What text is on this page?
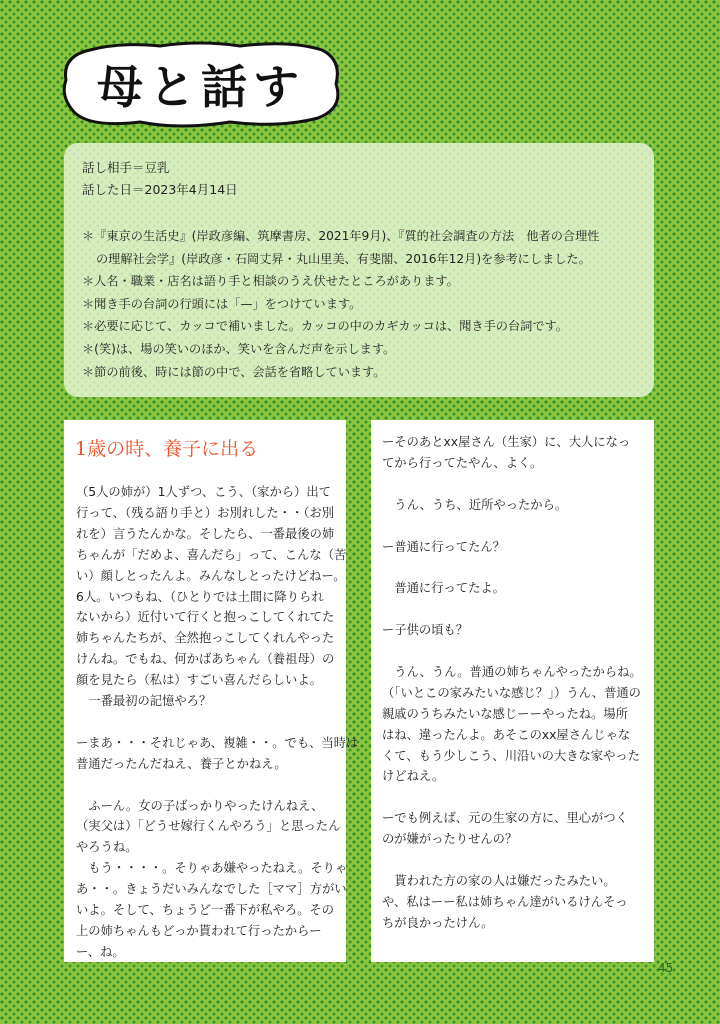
母と話す
話し相手＝豆乳
話した日＝2023年4月14日
＊『東京の生活史』(岸政彦編、筑摩書房、2021年9月)、『質的社会調査の方法　他者の合理性
の理解社会学』(岸政彦・石岡丈昇・丸山里美、有斐閣、2016年12月)を参考にしました。
＊人名・職業・店名は語り手と相談のうえ伏せたところがあります。
＊聞き手の台詞の行頭には「—」をつけています。
＊必要に応じて、カッコで補いました。カッコの中のカギカッコは、聞き手の台詞です。
＊(笑)は、場の笑いのほか、笑いを含んだ声を示します。
＊節の前後、時には節の中で、会話を省略しています。
1歳の時、養子に出る
（5人の姉が）1人ずつ、こう、（家から）出て
行って、（残る語り手と）お別れした・・（お別
れを）言うたんかな。そしたら、一番最後の姉
ちゃんが「だめよ、喜んだら」って、こんな（苦
い）顔しとったんよ。みんなしとったけどねー。
6人。いつもね、（ひとりでは土間に降りられ
ないから）近付いて行くと抱っこしてくれてた
姉ちゃんたちが、全然抱っこしてくれんやった
けんね。でもね、何かばあちゃん（養祖母）の
顔を見たら（私は）すごい喜んだらしいよ。
　一番最初の記憶やろ？
ーまあ・・・それじゃあ、複雑・・。でも、当時は
普通だったんだねえ、養子とかねえ。
　ふーん。女の子ばっかりやったけんねえ、
（実父は）「どうせ嫁行くんやろう」と思ったん
やろうね。
　もう・・・・。そりゃあ嫌やったねえ。そりゃ
あ・・。きょうだいみんなでした［ママ］方がい
いよ。そして、ちょうど一番下が私やろ。その
上の姉ちゃんもどっか貰われて行ったからー
ー、ね。
ーそのあとxx屋さん（生家）に、大人になっ
てから行ってたやん、よく。
　うん、うち、近所やったから。
ー普通に行ってたん？
　普通に行ってたよ。
ー子供の頃も？
　うん、うん。普通の姉ちゃんやったからね。
（「いとこの家みたいな感じ？」）うん、普通の
親戚のうちみたいな感じーーやったね。場所
はね、違ったんよ。あそこのxx屋さんじゃな
くて、もう少しこう、川沿いの大きな家やった
けどねえ。
ーでも例えば、元の生家の方に、里心がつく
のが嫌がったりせんの？
　貰われた方の家の人は嫌だったみたい。
や、私はーー私は姉ちゃん達がいるけんそっ
ちが良かったけん。
45
